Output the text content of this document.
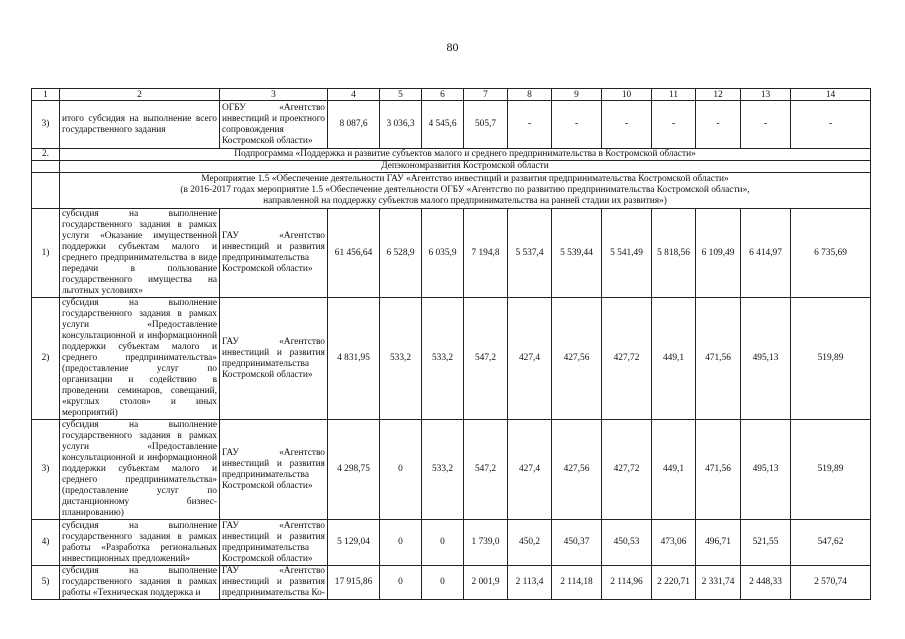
80
1	2	3	4	5	6	7	8	9	10	11	12	13	14
3)	итого субсидия на выполнение всего государственного задания	ОГБУ «Агентство инвестиций и проектного сопровождения Костромской области»	8 087,6	3 036,3	4 545,6	505,7	-	-	-	-	-	-	-
2.	Подпрограмма «Поддержка и развитие субъектов малого и среднего предпринимательства в Костромской области»												
	Депэкономразвития Костромской области												

	Мероприятие 1.5 «Обеспечение деятельности ГАУ «Агентство инвестиций и развития предпринимательства Костромской области»
(в 2016-2017 годах мероприятие 1.5 «Обеспечение деятельности ОГБУ «Агентство по развитию предпринимательства Костромской области»,
направленной на поддержку субъектов малого предпринимательства на ранней стадии их развития»)												

1)	субсидия на выполнение государственного задания в рамках услуги «Оказание имущественной поддержки субъектам малого и среднего предпринимательства в виде передачи в пользование государственного имущества на льготных условиях»	ГАУ «Агентство инвестиций и развития предпринимательства Костромской области»	61 456,64	6 528,9	6 035,9	7 194,8	5 537,4	5 539,44	5 541,49	5 818,56	6 109,49	6 414,97	6 735,69
2)	субсидия на выполнение государственного задания в рамках услуги «Предоставление консультационной и информационной поддержки субъектам малого и среднего предпринимательства» (предоставление услуг по организации и содействию в проведении семинаров, совещаний, «круглых столов» и иных мероприятий)	ГАУ «Агентство инвестиций и развития предпринимательства Костромской области»	4 831,95	533,2	533,2	547,2	427,4	427,56	427,72	449,1	471,56	495,13	519,89
3)	субсидия на выполнение государственного задания в рамках услуги «Предоставление консультационной и информационной поддержки субъектам малого и среднего предпринимательства» (предоставление услуг по дистанционному бизнес-планированию)	ГАУ «Агентство инвестиций и развития предпринимательства Костромской области»	4 298,75	0	533,2	547,2	427,4	427,56	427,72	449,1	471,56	495,13	519,89
4)	субсидия на выполнение государственного задания в рамках работы «Разработка региональных инвестиционных предложений»	ГАУ «Агентство инвестиций и развития предпринимательства Костромской области»	5 129,04	0	0	1 739,0	450,2	450,37	450,53	473,06	496,71	521,55	547,62
5)	субсидия на выполнение государственного задания в рамках работы «Техническая поддержка и	ГАУ «Агентство инвестиций и развития предпринимательства Ко-	17 915,86	0	0	2 001,9	2 113,4	2 114,18	2 114,96	2 220,71	2 331,74	2 448,33	2 570,74
